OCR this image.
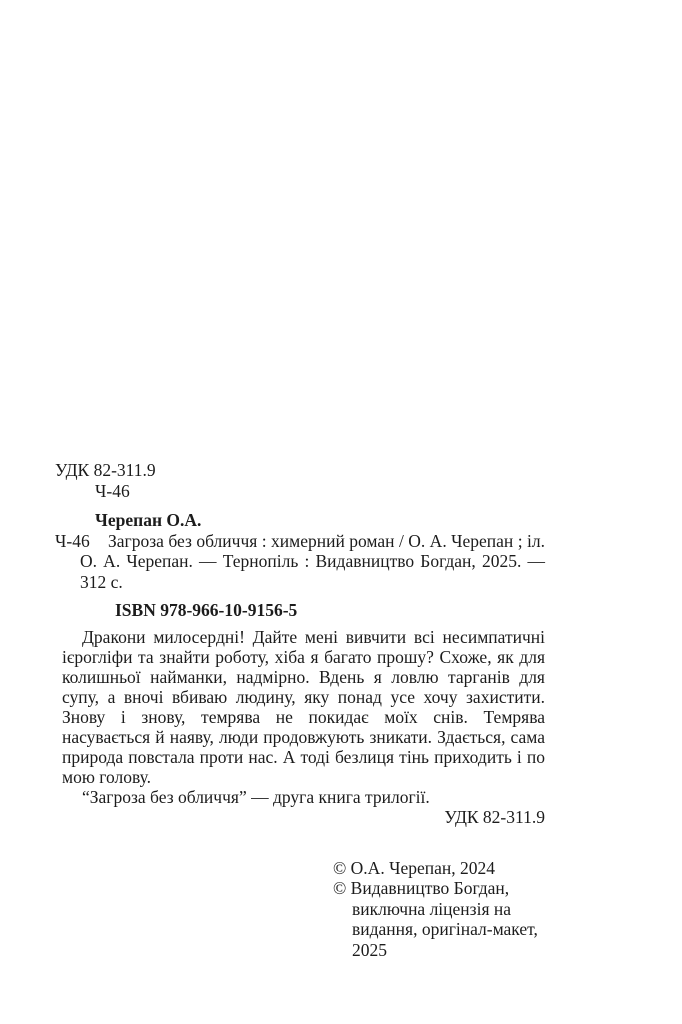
УДК 82-311.9

Ч-46

Черепан О.А.

Ч-46	Загроза без обличчя : химерний роман / О. А. Черепан ; іл. О. А. Черепан. — Тернопіль : Видавництво Богдан, 2025. — 312 с.

ISBN 978-966-10-9156-5

Дракони милосердні! Дайте мені вивчити всі несимпатичні ієрогліфи та знайти роботу, хіба я багато прошу? Схоже, як для колишньої найманки, надмірно. Вдень я ловлю тарганів для супу, а вночі вбиваю людину, яку понад усе хочу захистити. Знову і знову, темрява не покидає моїх снів. Темрява насувається й наяву, люди продовжують зникати. Здається, сама природа повстала проти нас. А тоді безлиця тінь приходить і по мою голову.

“Загроза без обличчя” — друга книга трилогії.

УДК 82-311.9

© О.А. Черепан, 2024
© Видавництво Богдан, виключна ліцензія на видання, оригінал-макет, 2025
